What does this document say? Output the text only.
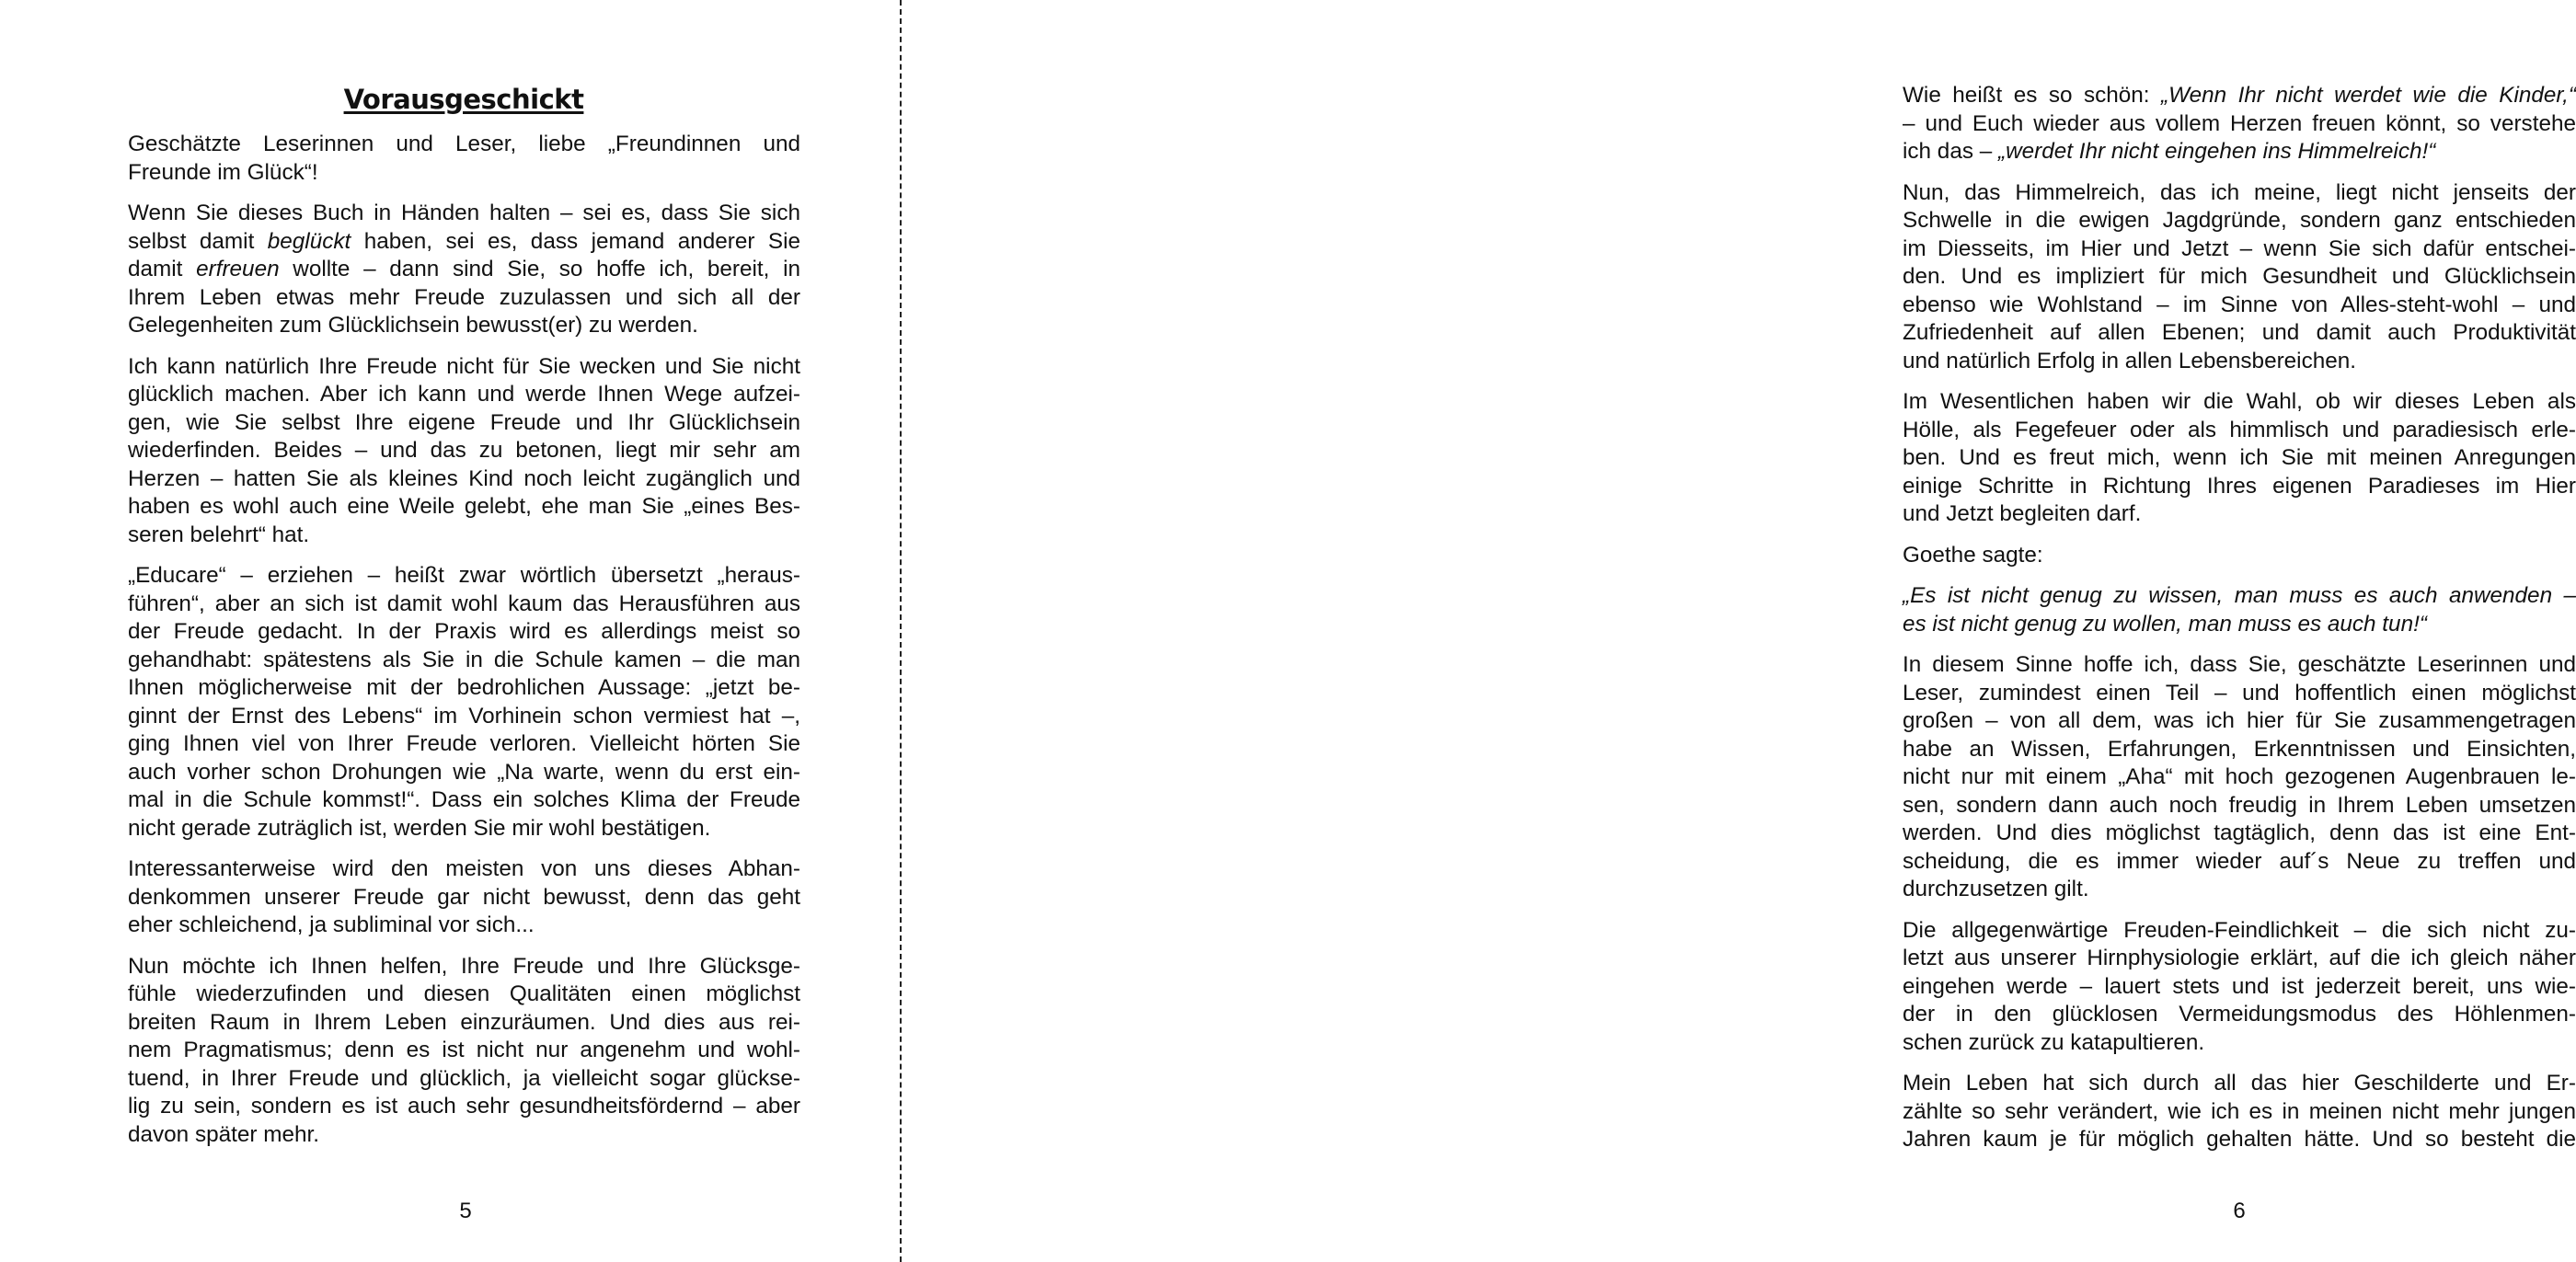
Vorausgeschickt

Geschätzte Leserinnen und Leser, liebe „Freundinnen und
Freunde im Glück“!

Wenn Sie dieses Buch in Händen halten – sei es, dass Sie sich
selbst damit beglückt haben, sei es, dass jemand anderer Sie
damit erfreuen wollte – dann sind Sie, so hoffe ich, bereit, in
Ihrem Leben etwas mehr Freude zuzulassen und sich all der
Gelegenheiten zum Glücklichsein bewusst(er) zu werden.

Ich kann natürlich Ihre Freude nicht für Sie wecken und Sie nicht
glücklich machen. Aber ich kann und werde Ihnen Wege aufzei-
gen, wie Sie selbst Ihre eigene Freude und Ihr Glücklichsein
wiederfinden. Beides – und das zu betonen, liegt mir sehr am
Herzen – hatten Sie als kleines Kind noch leicht zugänglich und
haben es wohl auch eine Weile gelebt, ehe man Sie „eines Bes-
seren belehrt“ hat.

„Educare“ – erziehen – heißt zwar wörtlich übersetzt „heraus-
führen“, aber an sich ist damit wohl kaum das Herausführen aus
der Freude gedacht. In der Praxis wird es allerdings meist so
gehandhabt: spätestens als Sie in die Schule kamen – die man
Ihnen möglicherweise mit der bedrohlichen Aussage: „jetzt be-
ginnt der Ernst des Lebens“ im Vorhinein schon vermiest hat –,
ging Ihnen viel von Ihrer Freude verloren. Vielleicht hörten Sie
auch vorher schon Drohungen wie „Na warte, wenn du erst ein-
mal in die Schule kommst!“. Dass ein solches Klima der Freude
nicht gerade zuträglich ist, werden Sie mir wohl bestätigen.

Interessanterweise wird den meisten von uns dieses Abhan-
denkommen unserer Freude gar nicht bewusst, denn das geht
eher schleichend, ja subliminal vor sich...

Nun möchte ich Ihnen helfen, Ihre Freude und Ihre Glücksge-
fühle wiederzufinden und diesen Qualitäten einen möglichst
breiten Raum in Ihrem Leben einzuräumen. Und dies aus rei-
nem Pragmatismus; denn es ist nicht nur angenehm und wohl-
tuend, in Ihrer Freude und glücklich, ja vielleicht sogar glückse-
lig zu sein, sondern es ist auch sehr gesundheitsfördernd – aber
davon später mehr.

5

Wie heißt es so schön: „Wenn Ihr nicht werdet wie die Kinder,“
– und Euch wieder aus vollem Herzen freuen könnt, so verstehe
ich das – „werdet Ihr nicht eingehen ins Himmelreich!“

Nun, das Himmelreich, das ich meine, liegt nicht jenseits der
Schwelle in die ewigen Jagdgründe, sondern ganz entschieden
im Diesseits, im Hier und Jetzt – wenn Sie sich dafür entschei-
den. Und es impliziert für mich Gesundheit und Glücklichsein
ebenso wie Wohlstand – im Sinne von Alles-steht-wohl – und
Zufriedenheit auf allen Ebenen; und damit auch Produktivität
und natürlich Erfolg in allen Lebensbereichen.

Im Wesentlichen haben wir die Wahl, ob wir dieses Leben als
Hölle, als Fegefeuer oder als himmlisch und paradiesisch erle-
ben. Und es freut mich, wenn ich Sie mit meinen Anregungen
einige Schritte in Richtung Ihres eigenen Paradieses im Hier
und Jetzt begleiten darf.

Goethe sagte:

„Es ist nicht genug zu wissen, man muss es auch anwenden –
es ist nicht genug zu wollen, man muss es auch tun!“

In diesem Sinne hoffe ich, dass Sie, geschätzte Leserinnen und
Leser, zumindest einen Teil – und hoffentlich einen möglichst
großen – von all dem, was ich hier für Sie zusammengetragen
habe an Wissen, Erfahrungen, Erkenntnissen und Einsichten,
nicht nur mit einem „Aha“ mit hoch gezogenen Augenbrauen le-
sen, sondern dann auch noch freudig in Ihrem Leben umsetzen
werden. Und dies möglichst tagtäglich, denn das ist eine Ent-
scheidung, die es immer wieder auf´s Neue zu treffen und
durchzusetzen gilt.

Die allgegenwärtige Freuden-Feindlichkeit – die sich nicht zu-
letzt aus unserer Hirnphysiologie erklärt, auf die ich gleich näher
eingehen werde – lauert stets und ist jederzeit bereit, uns wie-
der in den glücklosen Vermeidungsmodus des Höhlenmen-
schen zurück zu katapultieren.

Mein Leben hat sich durch all das hier Geschilderte und Er-
zählte so sehr verändert, wie ich es in meinen nicht mehr jungen
Jahren kaum je für möglich gehalten hätte. Und so besteht die

6
